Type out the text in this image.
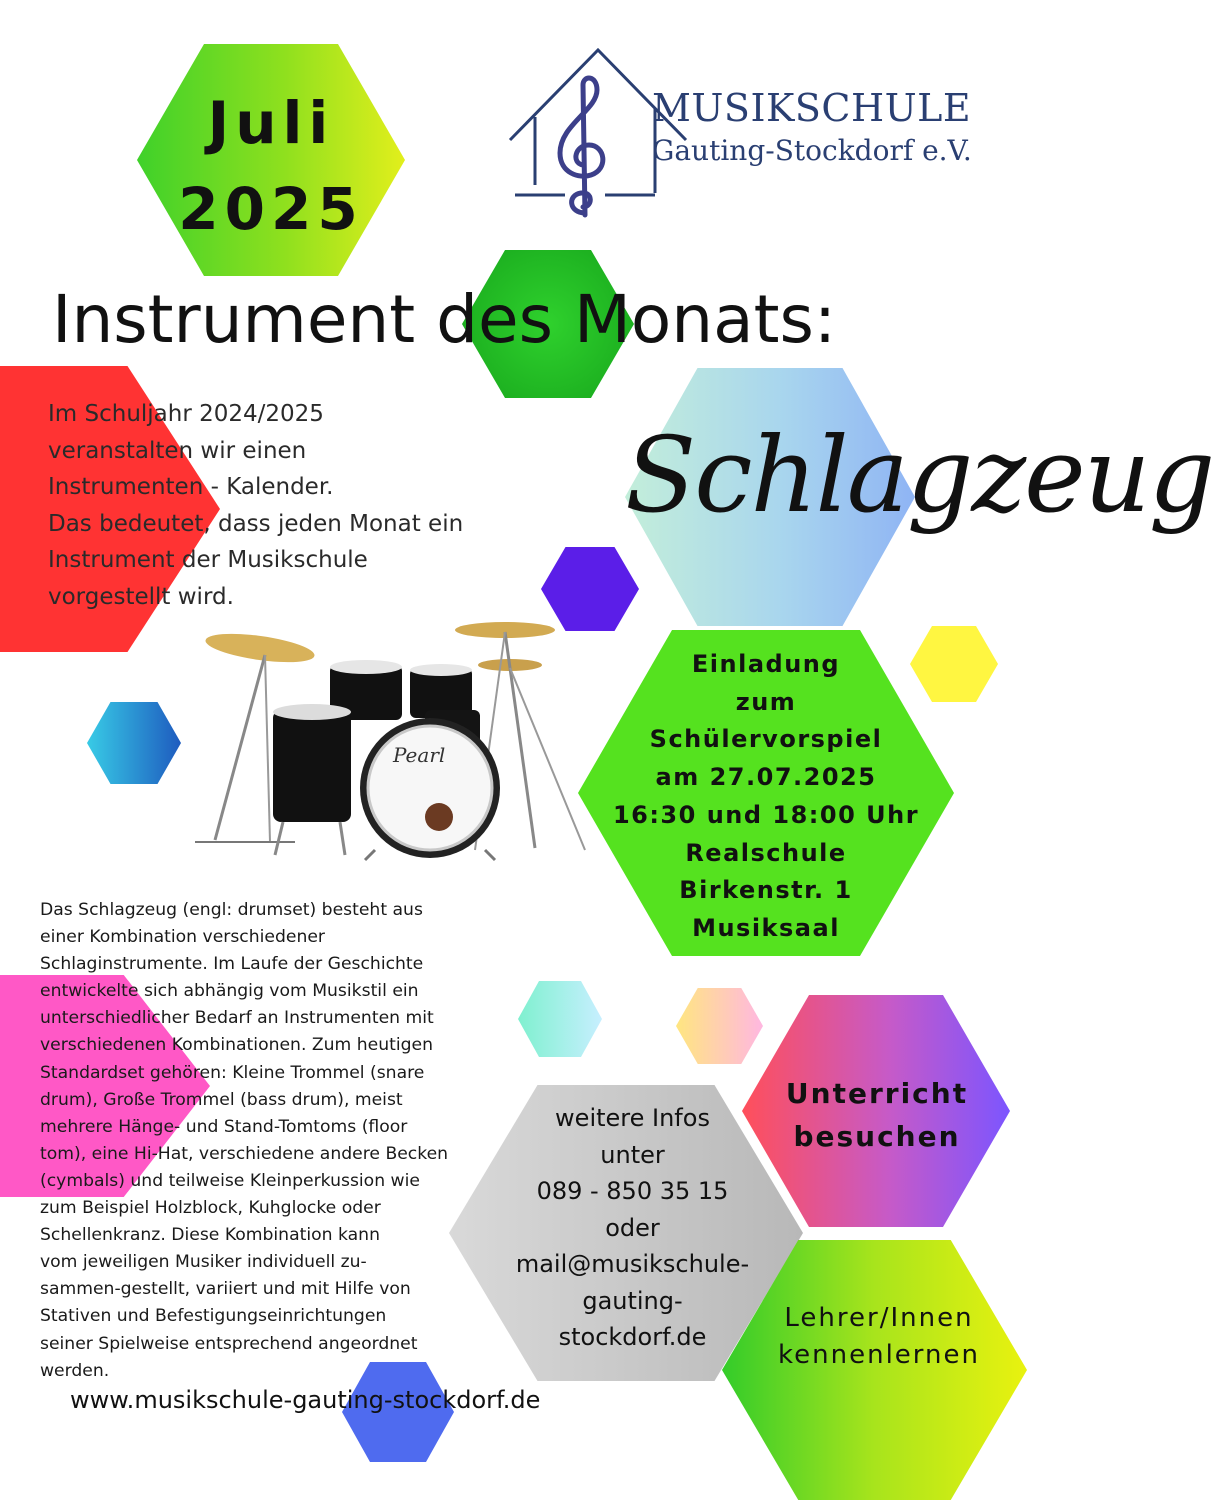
Juli
2025
MUSIKSCHULE
Gauting-Stockdorf e.V.
Instrument des Monats:
Schlagzeug
Im Schuljahr 2024/2025
veranstalten wir einen
Instrumenten - Kalender.
Das bedeutet, dass jeden Monat ein
Instrument der Musikschule
vorgestellt wird.
Pearl
Einladung
zum
Schülervorspiel
am 27.07.2025
16:30 und 18:00 Uhr
Realschule
Birkenstr. 1
Musiksaal
Das Schlagzeug (engl: drumset) besteht aus
einer Kombination verschiedener
Schlaginstrumente. Im Laufe der Geschichte
entwickelte sich abhängig vom Musikstil ein
unterschiedlicher Bedarf an Instrumenten mit
verschiedenen Kombinationen. Zum heutigen
Standardset gehören: Kleine Trommel (snare
drum), Große Trommel (bass drum), meist
mehrere Hänge- und Stand-Tomtoms (floor
tom), eine Hi-Hat, verschiedene andere Becken
(cymbals) und teilweise Kleinperkussion wie
zum Beispiel Holzblock, Kuhglocke oder
Schellenkranz. Diese Kombination kann
vom jeweiligen Musiker individuell zu-
sammen-gestellt, variiert und mit Hilfe von
Stativen und Befestigungseinrichtungen
seiner Spielweise entsprechend angeordnet
werden.
Unterricht
besuchen
weitere Infos
unter
089 - 850 35 15
oder
mail@musikschule-
gauting-
stockdorf.de
Lehrer/Innen
kennenlernen
www.musikschule-gauting-stockdorf.de
